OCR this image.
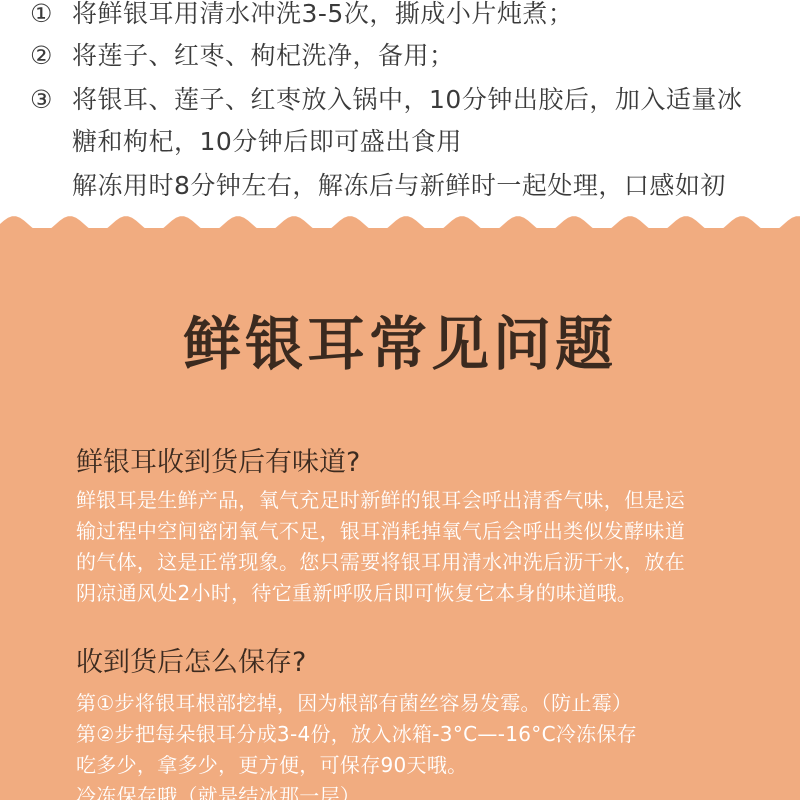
① 将鲜银耳用清水冲洗3-5次，撕成小片炖煮；
② 将莲子、红枣、枸杞洗净，备用；
③ 将银耳、莲子、红枣放入锅中，10分钟出胶后，加入适量冰
糖和枸杞，10分钟后即可盛出食用
解冻用时8分钟左右，解冻后与新鲜时一起处理，口感如初
鲜银耳常见问题
鲜银耳收到货后有味道?
鲜银耳是生鲜产品，氧气充足时新鲜的银耳会呼出清香气味，但是运
输过程中空间密闭氧气不足，银耳消耗掉氧气后会呼出类似发酵味道
的气体，这是正常现象。您只需要将银耳用清水冲洗后沥干水，放在
阴凉通风处2小时，待它重新呼吸后即可恢复它本身的味道哦。
收到货后怎么保存?
第①步将银耳根部挖掉，因为根部有菌丝容易发霉。（防止霉）
第②步把每朵银耳分成3-4份，放入冰箱-3°C—-16°C冷冻保存
吃多少，拿多少，更方便，可保存90天哦。
冷冻保存哦（就是结冰那一层）
